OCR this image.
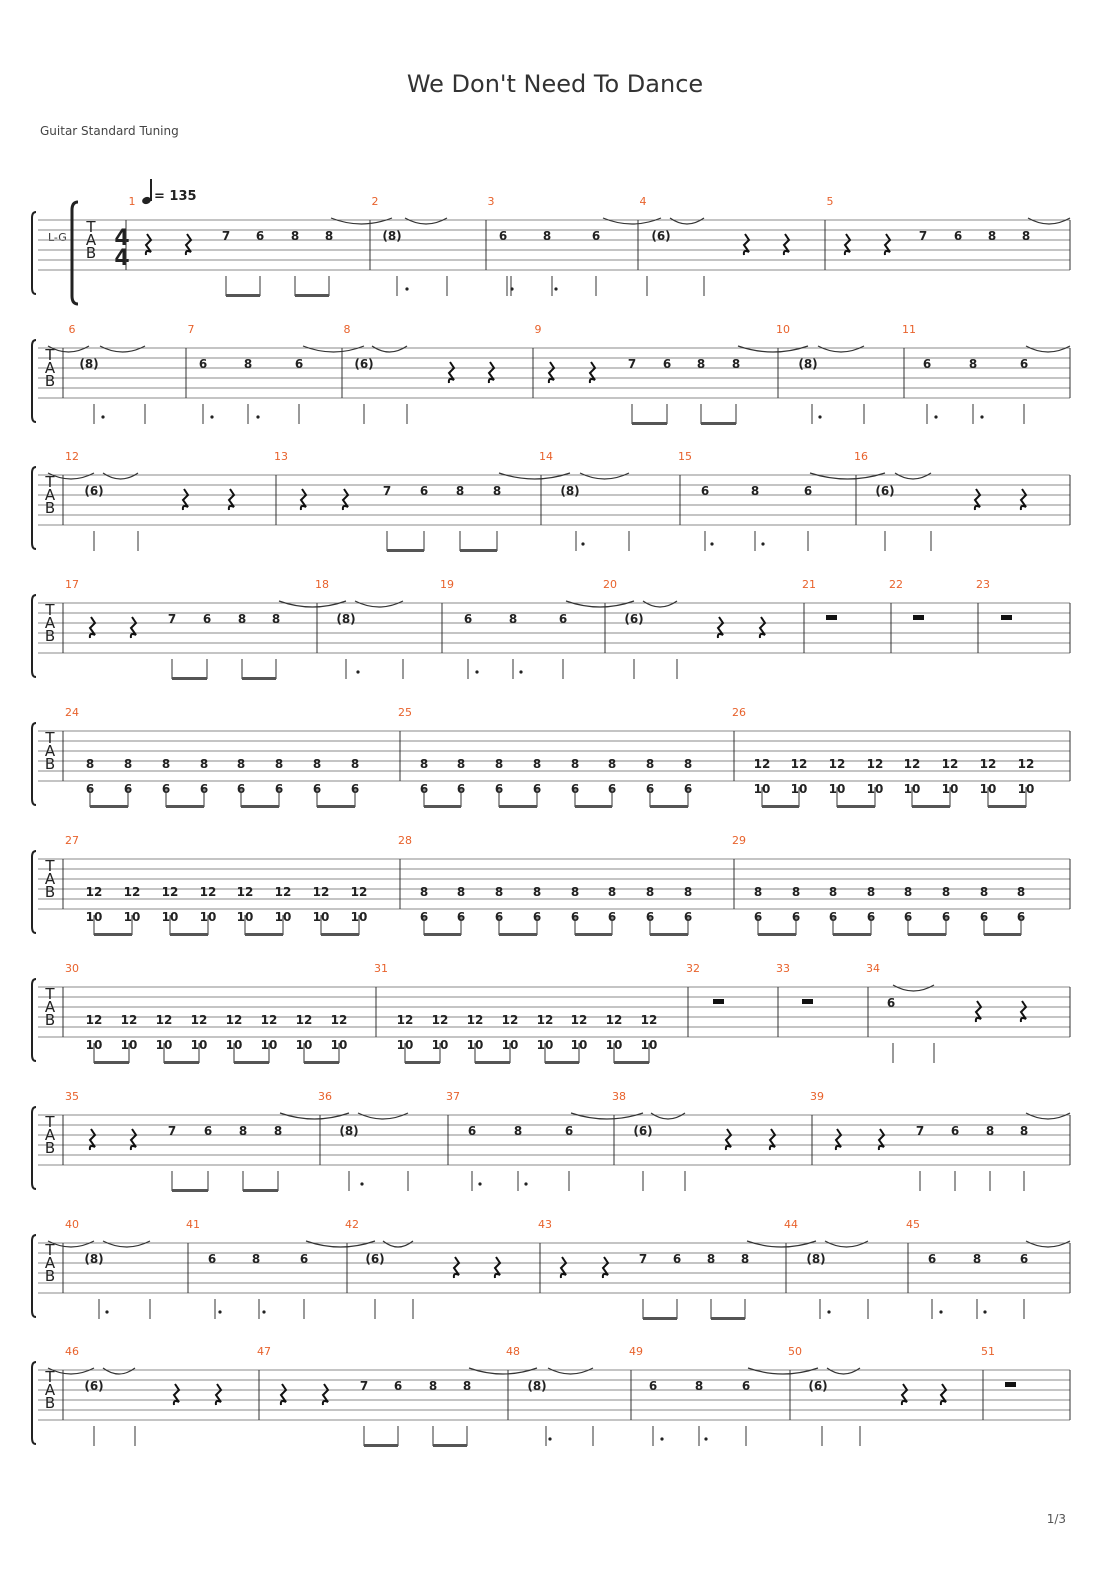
We Don't Need To Dance
Guitar Standard Tuning
= 135
L-G
1/3
T
A
B
4
4
1	2	3	4	5
T
A
B
6	7	8	9	10	11
T
A
B
12	13	14	15	16
T
A
B
17	18	19	20	21	22	23
T
A
B
24	25	26
T
A
B
27	28	29
T
A
B
30	31	32	33	34
T
A
B
35	36	37	38	39
T
A
B
40	41	42	43	44	45
T
A
B
46	47	48	49	50	51
7 6 8 8	(8)	6	8	6	(6)	7 6 8 8
(8)	6	8	6	(6)	7 6 8 8	(8)	6	8	6
(6)	7 6 8 8	(8)	6	8	6	(6)
7 6 8 8	(8)	6	8	6	(6)
6
7 6 8 8	(8)	6	8	6	(6)	7 6 8 8
(8)	6	8	6	(6)	7 6 8 8	(8)	6	8	6
(6)	7 6 8 8	(8)	6	8	6	(6)
8
6
8
6
8
6
8
6
8
6
8
6
8
6
8
6
8
6
8
6
8
6
8
6
8
6
8
6
8
6
8
6
12
10
12
10
12
10
12
10
12
10
12
10
12
10
12
10
12
10
12
10
12
10
12
10
12
10
12
10
12
10
12
10
8
6
8
6
8
6
8
6
8
6
8
6
8
6
8
6
8
6
8
6
8
6
8
6
8
6
8
6
8
6
8
6
12
10
12
10
12
10
12
10
12
10
12
10
12
10
12
10
12
10
12
10
12
10
12
10
12
10
12
10
12
10
12
10
